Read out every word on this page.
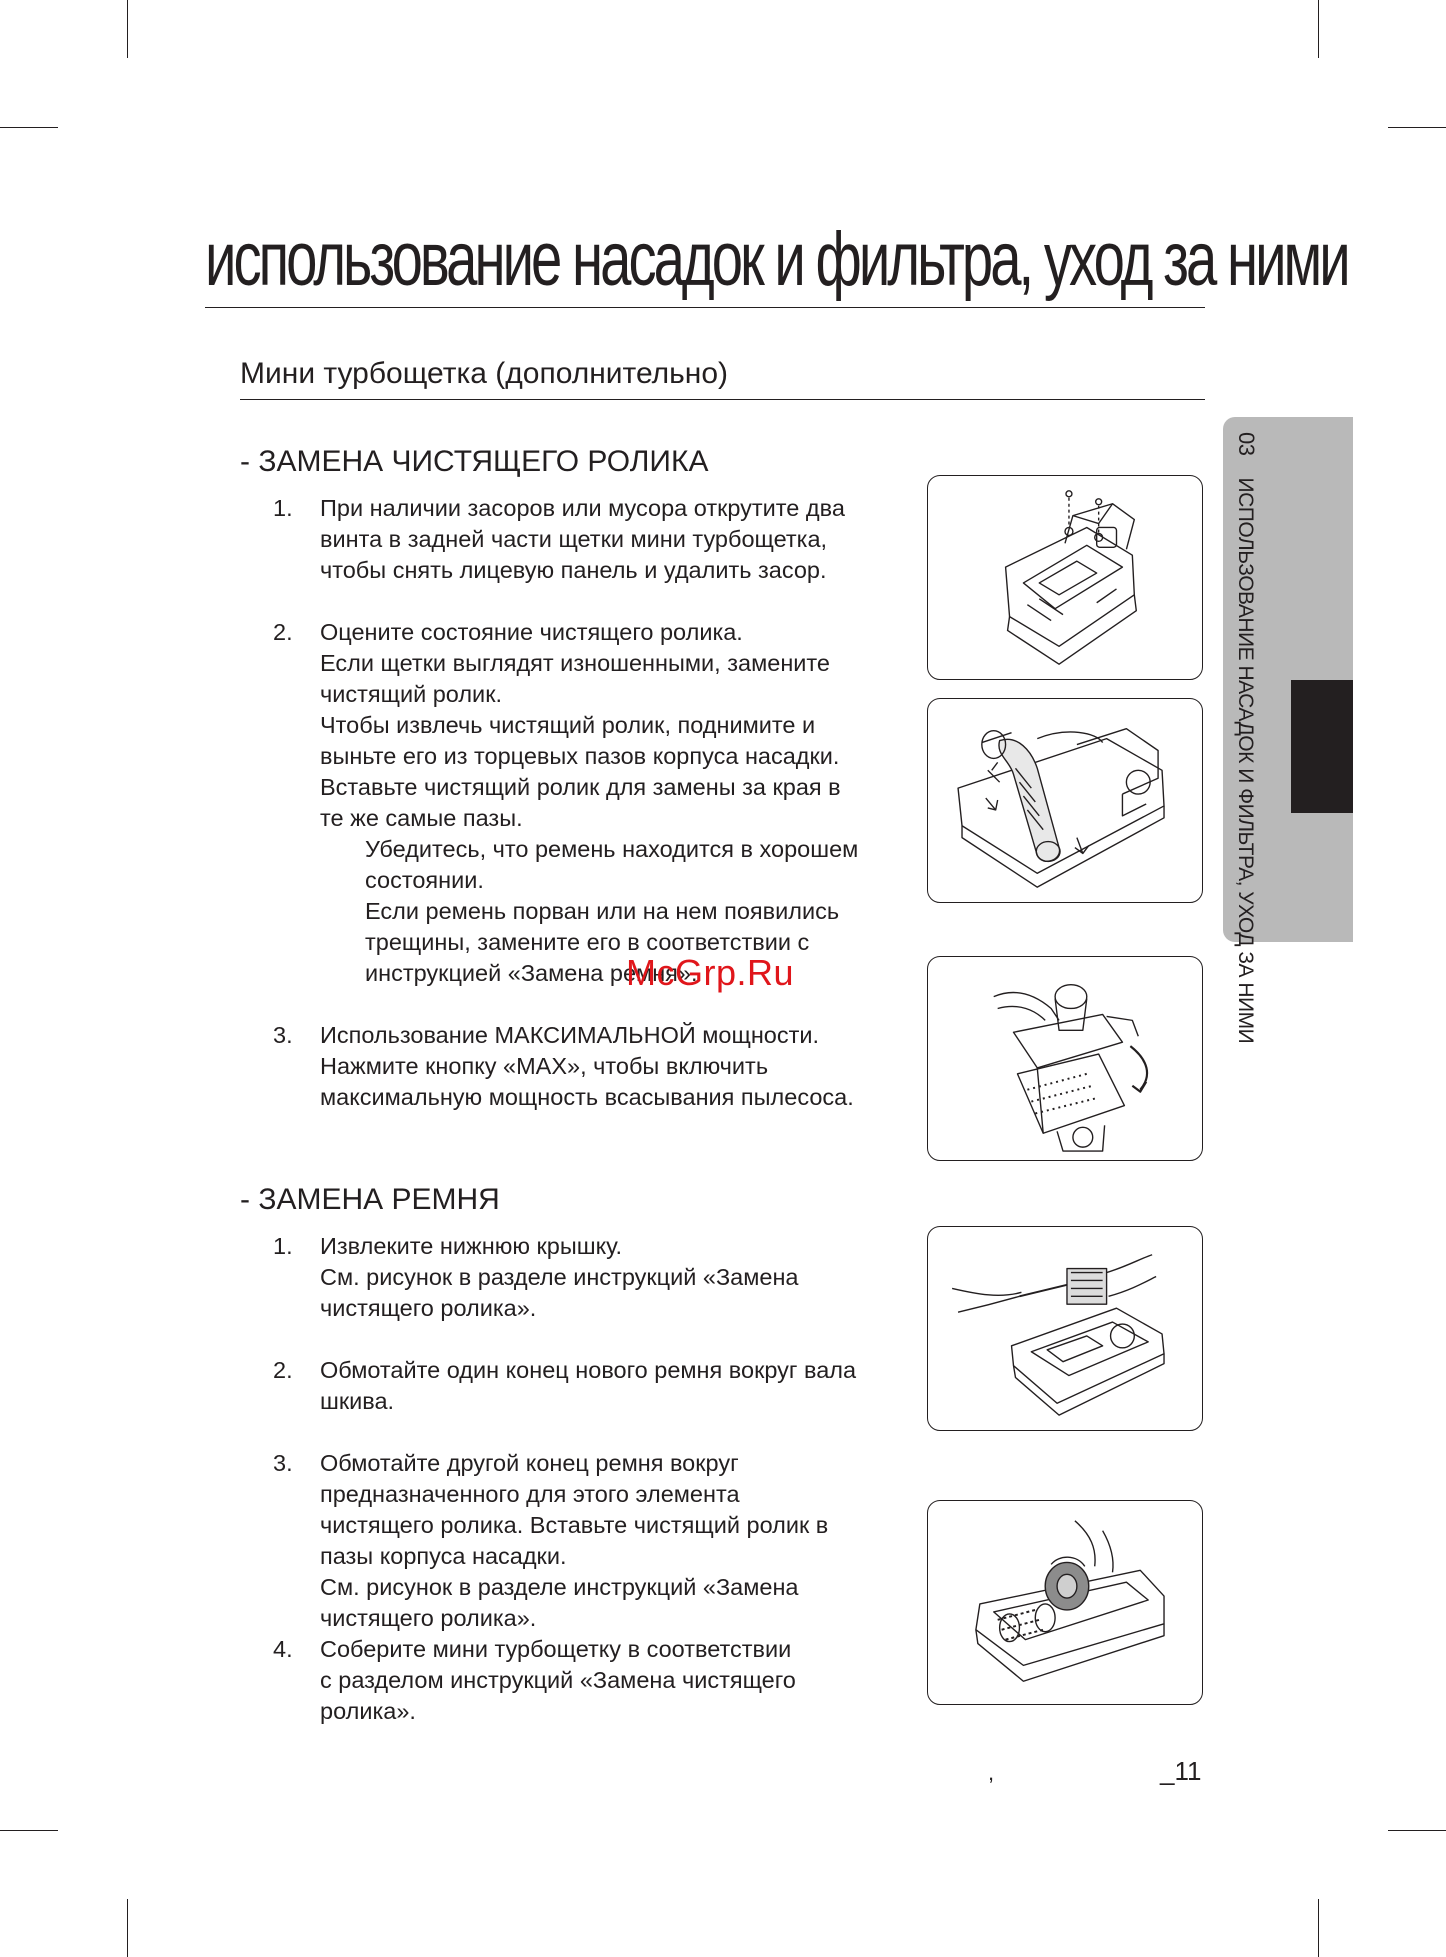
использование насадок и фильтра, уход за ними
Мини турбощетка (дополнительно)
03ИСПОЛЬЗОВАНИЕ НАСАДОК И ФИЛЬТРА, УХОД ЗА НИМИ
- ЗАМЕНА ЧИСТЯЩЕГО РОЛИКА
1. При наличии засоров или мусора открутите два

винта в задней части щетки мини турбощетка,

чтобы снять лицевую панель и удалить засор.

2. Оцените состояние чистящего ролика.

Если щетки выглядят изношенными, замените

чистящий ролик.

Чтобы извлечь чистящий ролик, поднимите и

выньте его из торцевых пазов корпуса насадки.

Вставьте чистящий ролик для замены за края в

те же самые пазы.

Убедитесь, что ремень находится в хорошем

состоянии.

Если ремень порван или на нем появились

трещины, замените его в соответствии с

инструкцией «Замена ремня».

3. Использование МАКСИМАЛЬНОЙ мощности.

Нажмите кнопку «MAX», чтобы включить

максимальную мощность всасывания пылесоса.

- ЗАМЕНА РЕМНЯ
1. Извлеките нижнюю крышку.

См. рисунок в разделе инструкций «Замена

чистящего ролика».

2. Обмотайте один конец нового ремня вокруг вала

шкива.

3. Обмотайте другой конец ремня вокруг

предназначенного для этого элемента

чистящего ролика. Вставьте чистящий ролик в

пазы корпуса насадки.

См. рисунок в разделе инструкций «Замена

чистящего ролика».

4. Соберите мини турбощетку в соответствии

с разделом инструкций «Замена чистящего

ролика».

McGrp.Ru
,	_11
